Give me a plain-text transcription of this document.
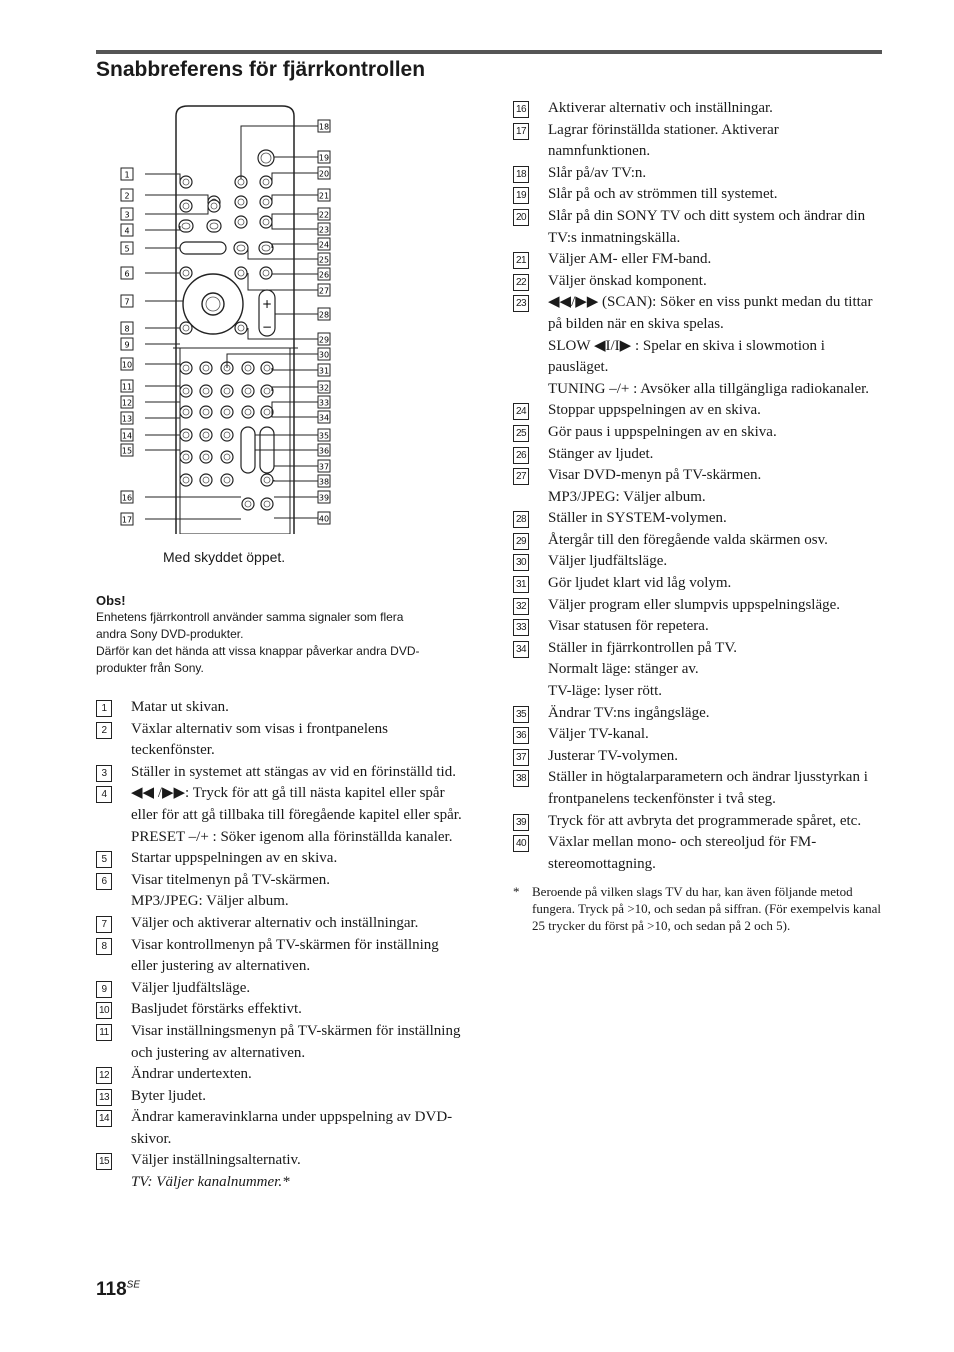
Snabbreferens för fjärrkontrollen
+
−
1
2
3
4
5
6
7
8
9
10
11
12
13
14
15
16
17
18
19
20
21
22
23
24
25
26
27
28
29
30
31
32
33
34
35
36
37
38
39
40
Med skyddet öppet.
Obs!
Enhetens fjärrkontroll använder samma signaler som flera
andra Sony DVD-produkter.
Därför kan det hända att vissa knappar påverkar andra DVD-
produkter från Sony.
1	Matar ut skivan.
2	Växlar alternativ som visas i frontpanelens teckenfönster.
3	Ställer in systemet att stängas av vid en förinställd tid.
4	◀◀ /▶▶: Tryck för att gå till nästa kapitel eller spår eller för att gå tillbaka till föregående kapitel eller spår.
PRESET –/+ : Söker igenom alla förinställda kanaler.
5	Startar uppspelningen av en skiva.
6	Visar titelmenyn på TV-skärmen.
MP3/JPEG: Väljer album.
7	Väljer och aktiverar alternativ och inställningar.
8	Visar kontrollmenyn på TV-skärmen för inställning eller justering av alternativen.
9	Väljer ljudfältsläge.
10 Basljudet förstärks effektivt.
11 Visar inställningsmenyn på TV-skärmen för inställning och justering av alternativen.
12 Ändrar undertexten.
13 Byter ljudet.
14 Ändrar kameravinklarna under uppspelning av DVD-skivor.
15 Väljer inställningsalternativ.
TV: Väljer kanalnummer.*
16 Aktiverar alternativ och inställningar.
17 Lagrar förinställda stationer. Aktiverar namnfunktionen.
18 Slår på/av TV:n.
19 Slår på och av strömmen till systemet.
20 Slår på din SONY TV och ditt system och ändrar din TV:s inmatningskälla.
21 Väljer AM- eller FM-band.
22 Väljer önskad komponent.
23 ◀◀/▶▶ (SCAN): Söker en viss punkt medan du tittar på bilden när en skiva spelas.
SLOW ◀I/I▶ : Spelar en skiva i slowmotion i pausläget.
TUNING –/+ : Avsöker alla tillgängliga radiokanaler.
24 Stoppar uppspelningen av en skiva.
25 Gör paus i uppspelningen av en skiva.
26 Stänger av ljudet.
27 Visar DVD-menyn på TV-skärmen.
MP3/JPEG: Väljer album.
28 Ställer in SYSTEM-volymen.
29 Återgår till den föregående valda skärmen osv.
30 Väljer ljudfältsläge.
31 Gör ljudet klart vid låg volym.
32 Väljer program eller slumpvis uppspelningsläge.
33 Visar statusen för repetera.
34 Ställer in fjärrkontrollen på TV.
Normalt läge: stänger av.
TV-läge: lyser rött.
35 Ändrar TV:ns ingångsläge.
36 Väljer TV-kanal.
37 Justerar TV-volymen.
38 Ställer in högtalarparametern och ändrar ljusstyrkan i frontpanelens teckenfönster i två steg.
39 Tryck för att avbryta det programmerade spåret, etc.
40 Växlar mellan mono- och stereoljud för FM-stereomottagning.
* Beroende på vilken slags TV du har, kan även följande metod fungera. Tryck på >10, och sedan på siffran. (För exempelvis kanal 25 trycker du först på >10, och sedan på 2 och 5).
$118^{SE}$
